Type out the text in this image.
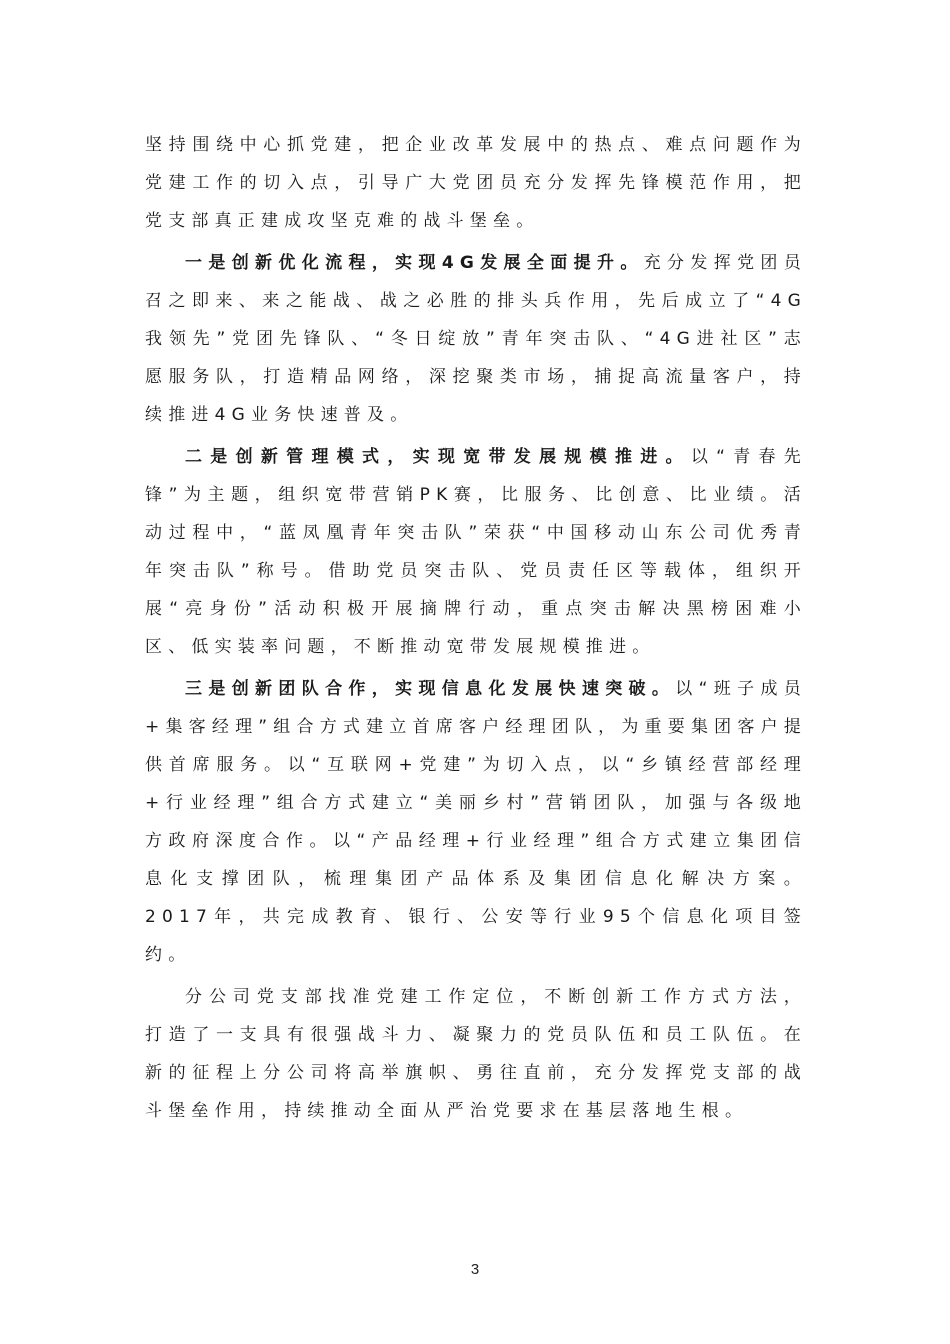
坚持围绕中心抓党建，把企业改革发展中的热点、难点问题作为党建工作的切入点，引导广大党团员充分发挥先锋模范作用，把党支部真正建成攻坚克难的战斗堡垒。

一是创新优化流程，实现4G发展全面提升。充分发挥党团员召之即来、来之能战、战之必胜的排头兵作用，先后成立了“4G我领先”党团先锋队、“冬日绽放”青年突击队、“4G进社区”志愿服务队，打造精品网络，深挖聚类市场，捕捉高流量客户，持续推进4G业务快速普及。

二是创新管理模式，实现宽带发展规模推进。以“青春先锋”为主题，组织宽带营销PK赛，比服务、比创意、比业绩。活动过程中，“蓝凤凰青年突击队”荣获“中国移动山东公司优秀青年突击队”称号。借助党员突击队、党员责任区等载体，组织开展“亮身份”活动积极开展摘牌行动，重点突击解决黑榜困难小区、低实装率问题，不断推动宽带发展规模推进。

三是创新团队合作，实现信息化发展快速突破。以“班子成员+集客经理”组合方式建立首席客户经理团队，为重要集团客户提供首席服务。以“互联网+党建”为切入点，以“乡镇经营部经理+行业经理”组合方式建立“美丽乡村”营销团队，加强与各级地方政府深度合作。以“产品经理+行业经理”组合方式建立集团信息化支撑团队，梳理集团产品体系及集团信息化解决方案。2017年，共完成教育、银行、公安等行业95个信息化项目签约。

分公司党支部找准党建工作定位，不断创新工作方式方法，打造了一支具有很强战斗力、凝聚力的党员队伍和员工队伍。在新的征程上分公司将高举旗帜、勇往直前，充分发挥党支部的战斗堡垒作用，持续推动全面从严治党要求在基层落地生根。

3
